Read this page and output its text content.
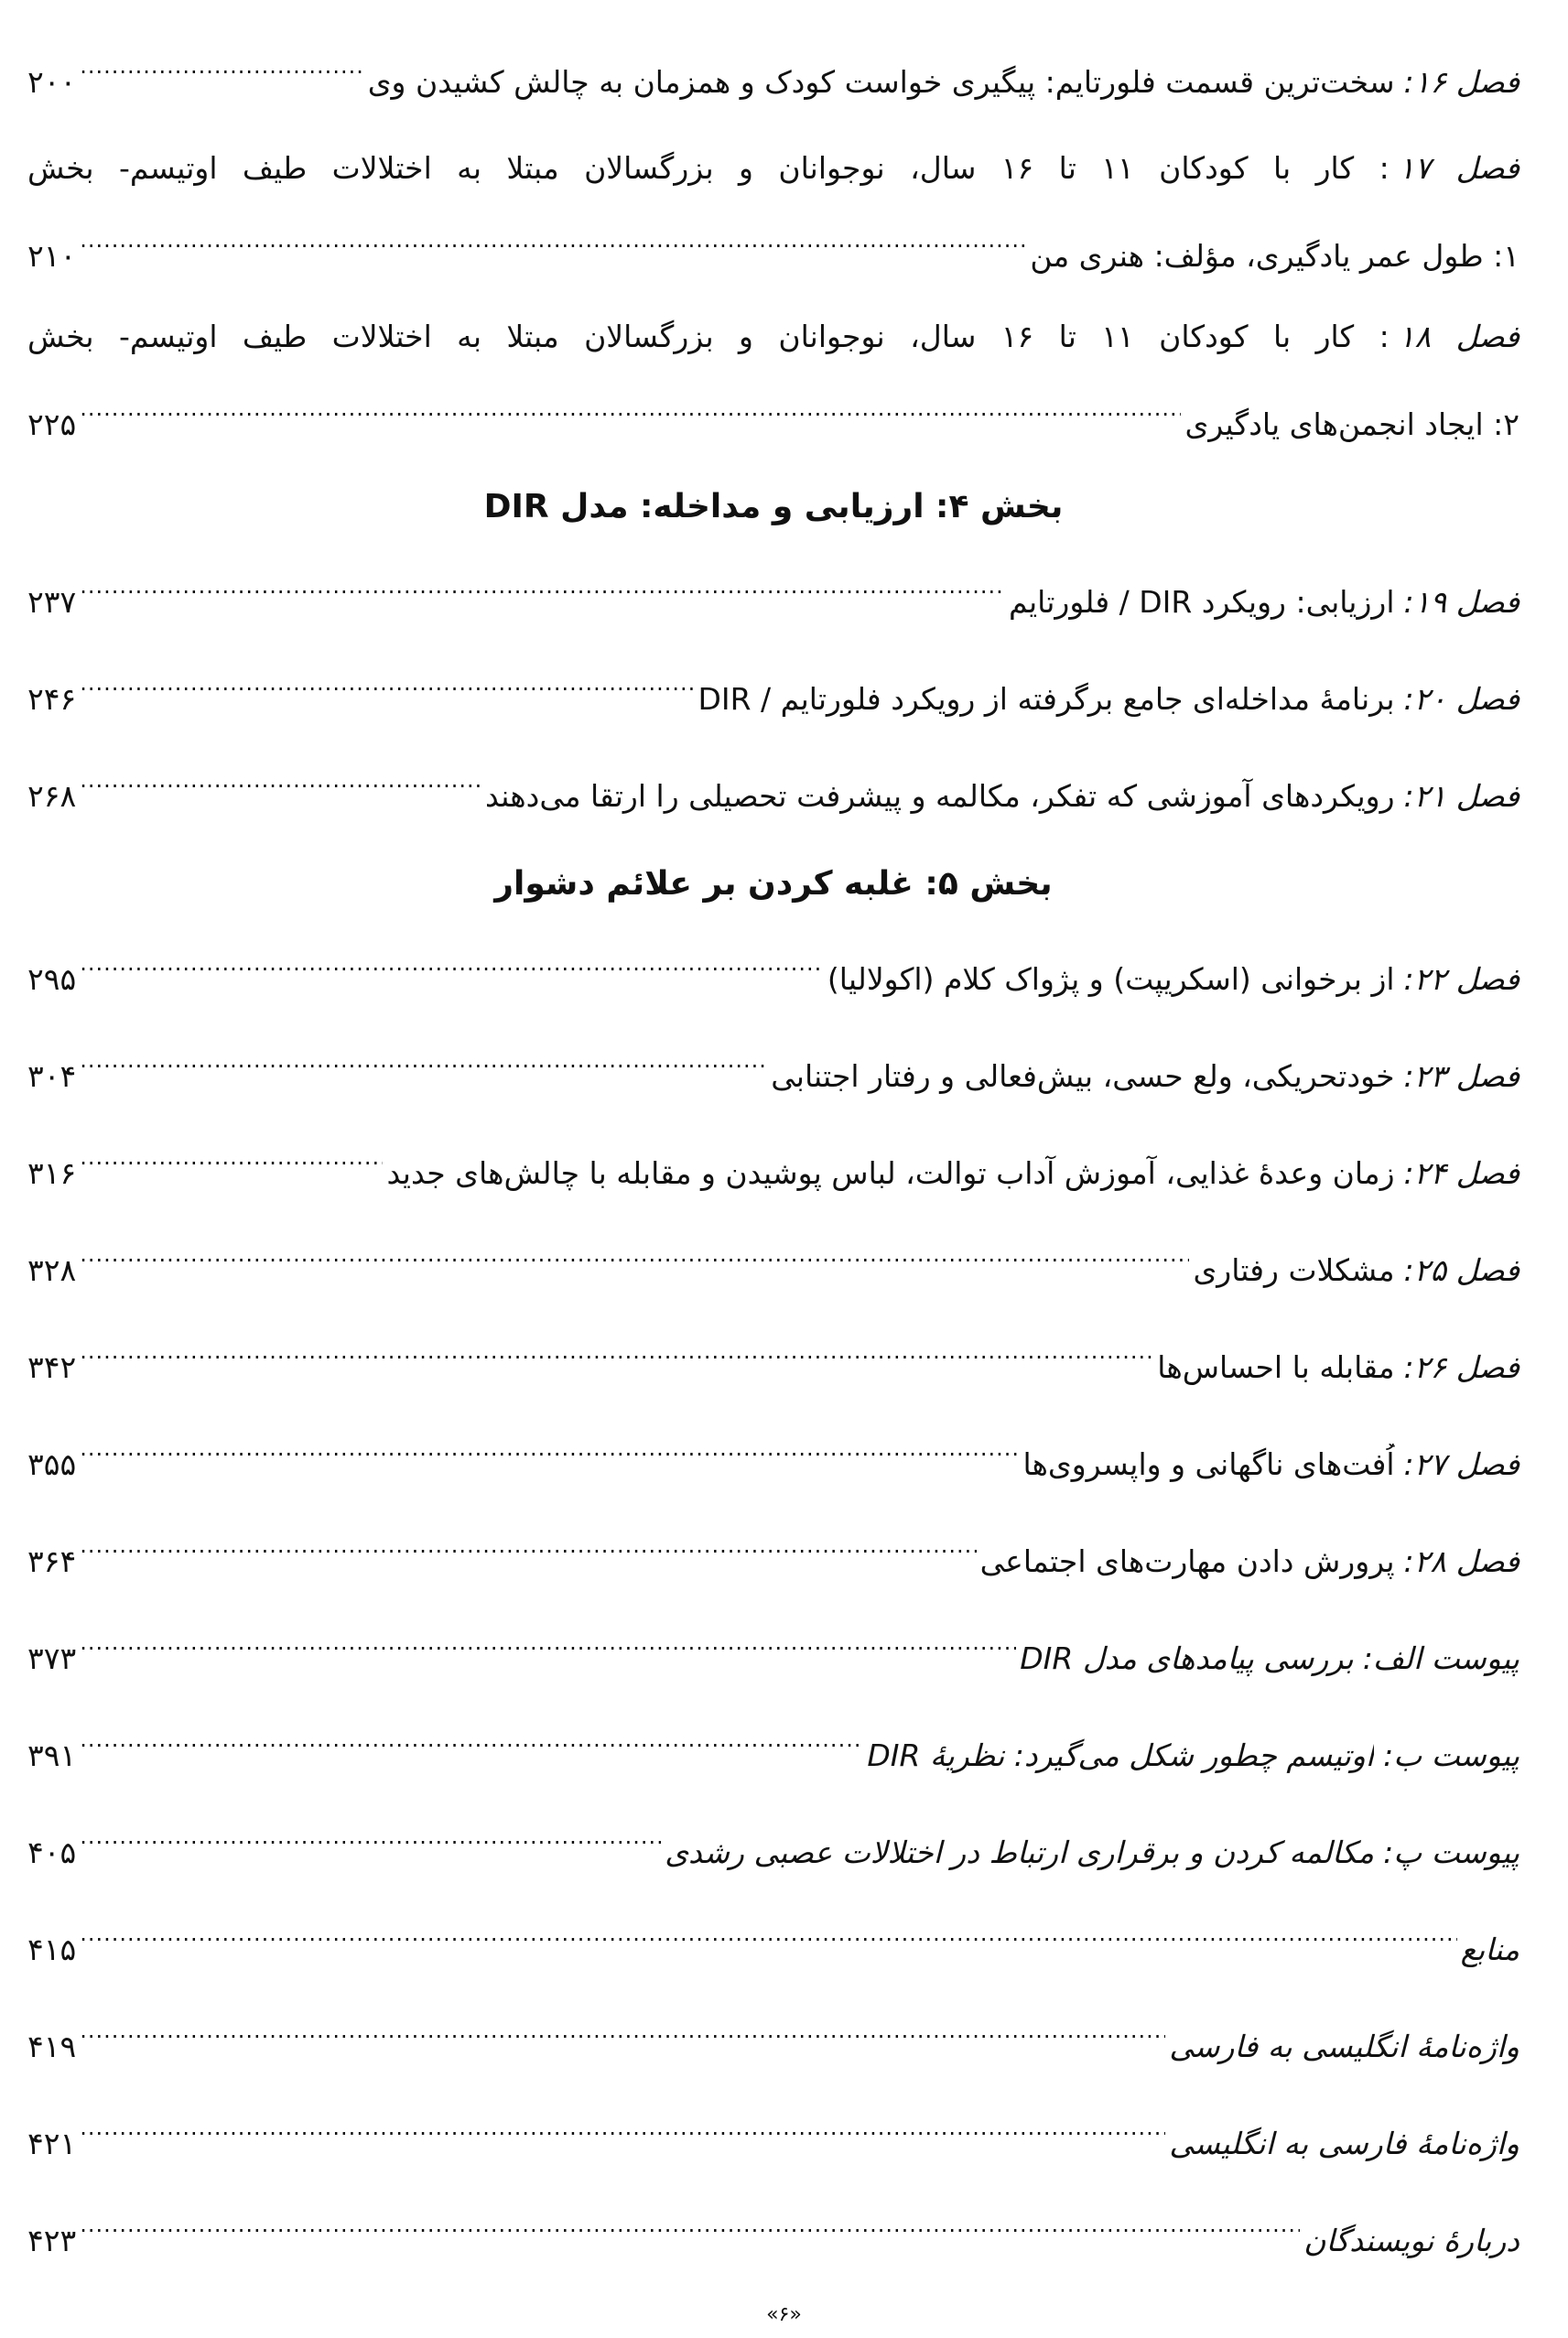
فصل ۱۶:
سخت‌ترین قسمت فلورتایم: پیگیری خواست کودک و همزمان به چالش کشیدن وی
.....
۲۰۰
فصل ۱۷: کار با کودکان ۱۱ تا ۱۶ سال، نوجوانان و بزرگسالان مبتلا به اختلالات طیف اوتیسم- بخش
۱: طول عمر یادگیری، مؤلف: هنری من
.....
۲۱۰
فصل ۱۸: کار با کودکان ۱۱ تا ۱۶ سال، نوجوانان و بزرگسالان مبتلا به اختلالات طیف اوتیسم- بخش
۲: ایجاد انجمن‌های یادگیری
.....
۲۲۵
بخش ۴: ارزیابی و مداخله: مدل DIR
فصل ۱۹:
ارزیابی: رویکرد DIR / فلورتایم
.....
۲۳۷
فصل ۲۰:
برنامهٔ مداخله‌ای جامع برگرفته از رویکرد فلورتایم / DIR
.....
۲۴۶
فصل ۲۱:
رویکردهای آموزشی که تفکر، مکالمه و پیشرفت تحصیلی را ارتقا می‌دهند
.....
۲۶۸
بخش ۵: غلبه کردن بر علائم دشوار
فصل ۲۲:
از برخوانی (اسکریپت) و پژواک کلام (اکولالیا)
.....
۲۹۵
فصل ۲۳:
خودتحریکی، ولع حسی، بیش‌فعالی و رفتار اجتنابی
.....
۳۰۴
فصل ۲۴:
زمان وعدهٔ غذایی، آموزش آداب توالت، لباس پوشیدن و مقابله با چالش‌های جدید
.....
۳۱۶
فصل ۲۵:
مشکلات رفتاری
.....
۳۲۸
فصل ۲۶:
مقابله با احساس‌ها
.....
۳۴۲
فصل ۲۷:
اُفت‌های ناگهانی و واپسروی‌ها
.....
۳۵۵
فصل ۲۸:
پرورش دادن مهارت‌های اجتماعی
.....
۳۶۴
پیوست الف:
بررسی پیامدهای مدل DIR
.....
۳۷۳
پیوست ب:
اوتیسم چطور شکل می‌گیرد: نظریهٔ DIR
.....
۳۹۱
پیوست پ:
مکالمه کردن و برقراری ارتباط در اختلالات عصبی رشدی
.....
۴۰۵
منابع
.....
۴۱۵
واژه‌نامهٔ انگلیسی به فارسی
.....
۴۱۹
واژه‌نامهٔ فارسی به انگلیسی
.....
۴۲۱
دربارهٔ نویسندگان
.....
۴۲۳
«۶»
